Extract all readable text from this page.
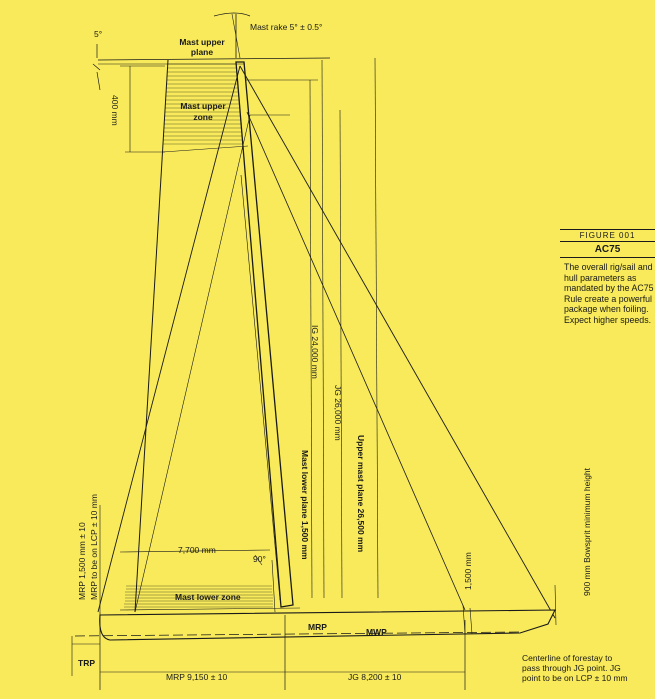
Mast rake 5° ± 0.5°
5°
Mast upper
plane
Mast upper
zone
400 mm
Mast lower zone
7,700 mm
90°
MRP	MWP
TRP
1,500 mm
MRP 1,500 mm ± 10 MRP to be on LCP ± 10 mm
MRP 9,150 ± 10	JG 8,200 ± 10
IG 24,000 mm
JG 26,000 mm
Mast lower plane 1,500 mm	Upper mast plane 26,500 mm	900 mm Bowsprit minimum height
Centerline of forestay to
pass through JG point. JG
point to be on LCP ± 10 mm
FIGURE 001
AC75
The overall rig/sail and hull parameters as mandated by the AC75 Rule create a powerful package when foiling. Expect higher speeds.
